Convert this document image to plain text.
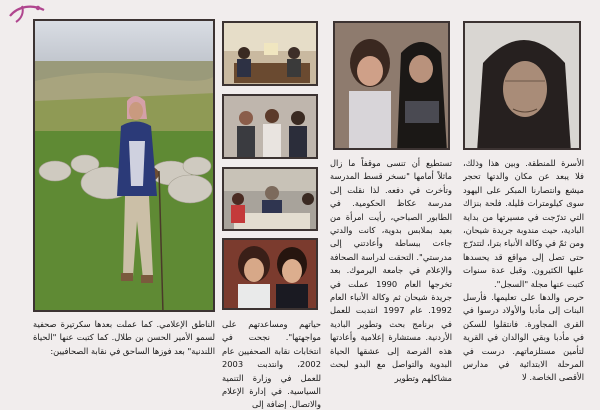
الأسرة للمنطقة. وبين هذا وذلك، فلا يبعد عن مكان والدتها تحجر ميشع وانتصارنا المبكر على اليهود سوى كيلومترات قليلة. فلحة بنزاك التي تدرّجت في مسيرتها من بداية البادية، حيث مندوبة جريدة شيحان، ومن ثمّ في وكالة الأنباء بترا، لتتدرّج حتى تصل إلى مواقع قد يحسدها عليها الكثيرون. وقبل عدة سنوات كتبت عنها مجلة "السجل".

حرص والدها على تعليمها. فأرسل البنات إلى مأدبا والأولاد درسوا في القرى المجاورة. فانتقلوا للسكن في مأدبا وبقي الوالدان في القرية لتأمين مستلزماتهم. درست في المرحلة الابتدائية في مدارس الأقصى الخاصة. لا

تستطيع أن تنسى موقفاً ما زال ماثلاً أمامها "نسخر قسط المدرسة وتأخرت في دفعه. لذا نقلت إلى مدرسة عكاظ الحكومية. في الطابور الصباحي، رأيت امرأة من بعيد بملابس بدوية، كانت والدتي جاءت ببساطة وأعادتني إلى مدرستي". التحقت لدراسة الصحافة والإعلام في جامعة اليرموك. بعد تخرجها العام 1990 عملت في جريدة شيحان ثم وكالة الأنباء العام 1992. عام 1997 انتدبت للعمل في برنامج بحث وتطوير البادية الأردنية. مستشارة إعلامية وأعادتها هذه الفرصة إلى عشقها الحياة البدوية والتواصل مع البدو لبحث مشاكلهم وتطوير

حياتهم ومساعدتهم على مواجهتها". نجحت في انتخابات نقابة الصحفيين عام 2002، وانتدبت 2003 للعمل في وزارة التنمية السياسية. في إدارة الإعلام والاتصال. إضافة إلى

الناطق الإعلامي. كما عملت بعدها سكرتيرة صحفية لسمو الأمير الحسن بن طلال. كما كتبت عنها "الحياة اللندنية" بعد فوزها الساحق في نقابة الصحافيين:
